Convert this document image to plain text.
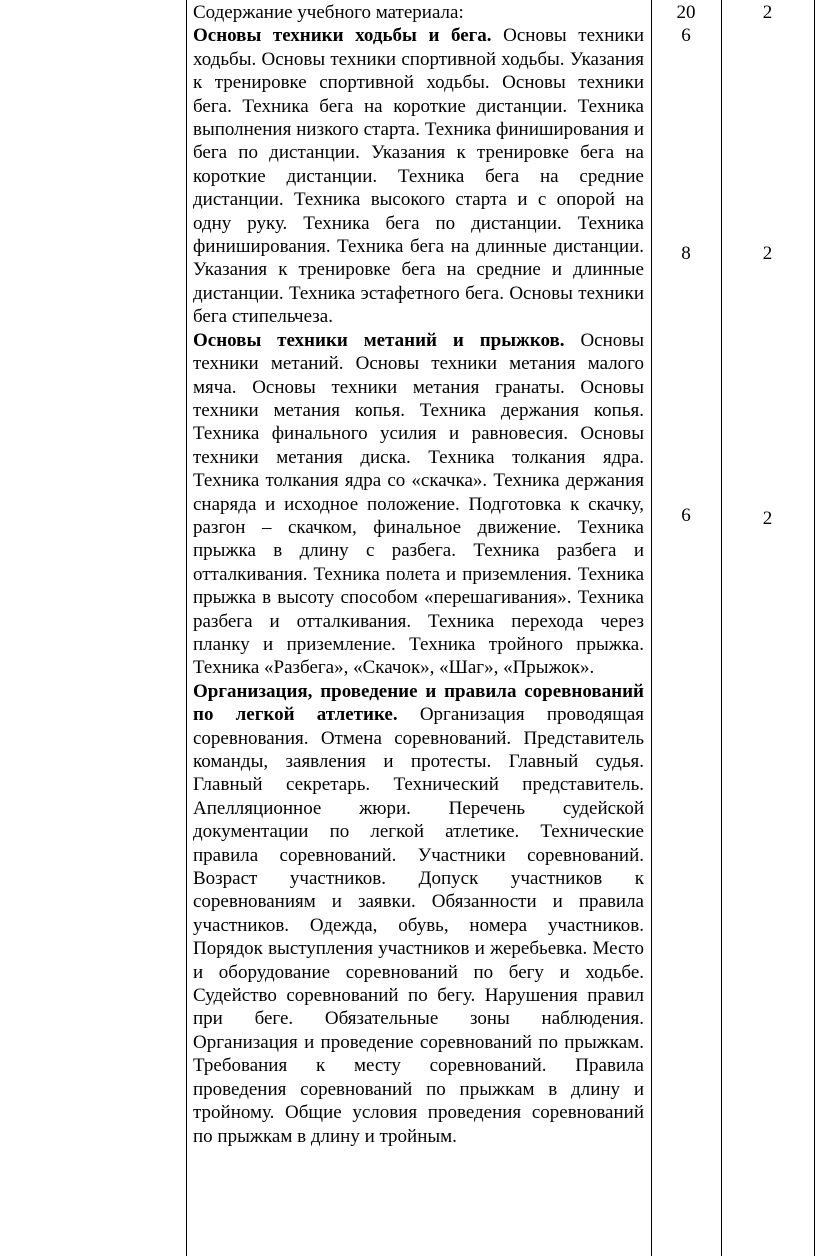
Содержание учебного материала:

Основы техники ходьбы и бега. Основы техники ходьбы. Основы техники спортивной ходьбы. Указания к тренировке спортивной ходьбы. Основы техники бега. Техника бега на короткие дистанции. Техника выполнения низкого старта. Техника финиширования и бега по дистанции. Указания к тренировке бега на короткие дистанции. Техника бега на средние дистанции. Техника высокого старта и с опорой на одну руку. Техника бега по дистанции. Техника финиширования. Техника бега на длинные дистанции. Указания к тренировке бега на средние и длинные дистанции. Техника эстафетного бега. Основы техники бега стипельчеза.

Основы техники метаний и прыжков. Основы техники метаний. Основы техники метания малого мяча. Основы техники метания гранаты. Основы техники метания копья. Техника держания копья. Техника финального усилия и равновесия. Основы техники метания диска. Техника толкания ядра. Техника толкания ядра со «скачка». Техника держания снаряда и исходное положение. Подготовка к скачку, разгон – скачком, финальное движение. Техника прыжка в длину с разбега. Техника разбега и отталкивания. Техника полета и приземления. Техника прыжка в высоту способом «перешагивания». Техника разбега и отталкивания. Техника перехода через планку и приземление. Техника тройного прыжка. Техника «Разбега», «Скачок», «Шаг», «Прыжок».

Организация, проведение и правила соревнований по легкой атлетике. Организация проводящая соревнования. Отмена соревнований. Представитель команды, заявления и протесты. Главный судья. Главный секретарь. Технический представитель. Апелляционное жюри. Перечень судейской документации по легкой атлетике. Технические правила соревнований. Участники соревнований. Возраст участников. Допуск участников к соревнованиям и заявки. Обязанности и правила участников. Одежда, обувь, номера участников. Порядок выступления участников и жеребьевка. Место и оборудование соревнований по бегу и ходьбе. Судейство соревнований по бегу. Нарушения правил при беге. Обязательные зоны наблюдения. Организация и проведение соревнований по прыжкам. Требования к месту соревнований. Правила проведения соревнований по прыжкам в длину и тройному. Общие условия проведения соревнований по прыжкам в длину и тройным.

20
6
8
6
2
2
2
